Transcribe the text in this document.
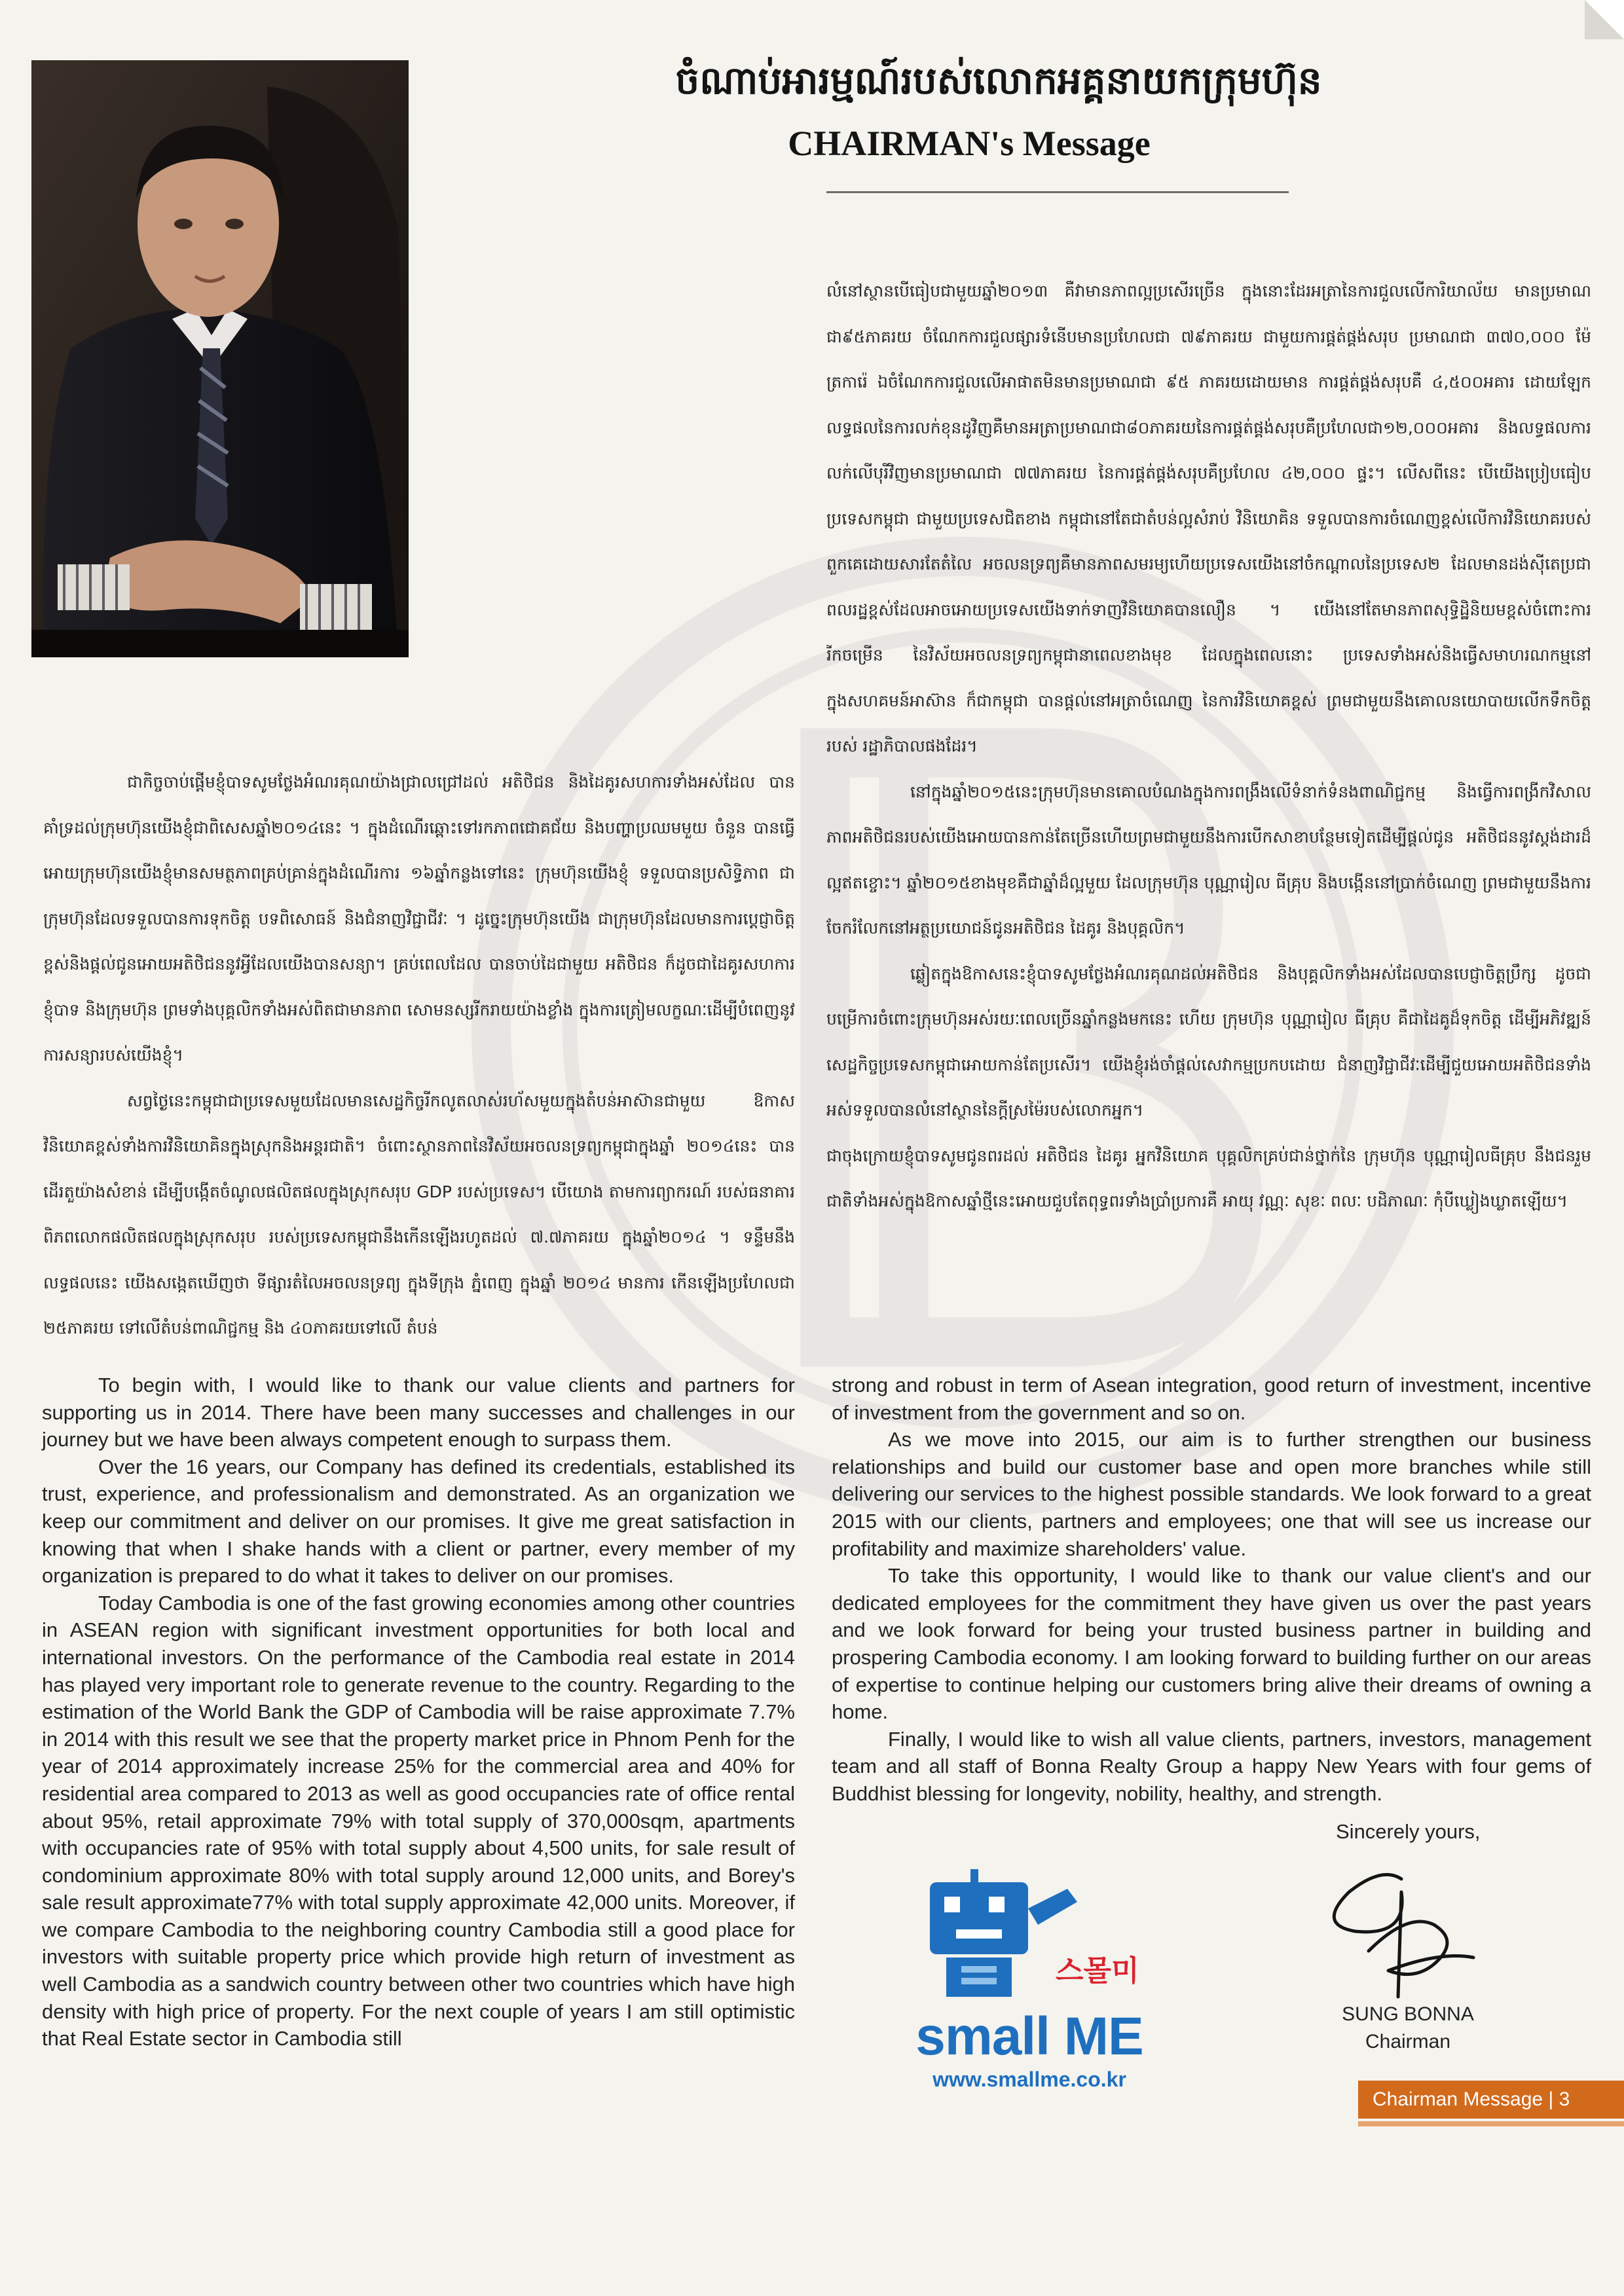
ចំណាប់អារម្មណ៍របស់លោកអគ្គនាយកក្រុមហ៊ុន
CHAIRMAN's Message

លំនៅស្ថានបើធៀបជាមួយឆ្នាំ២០១៣ គឺវាមានភាពល្អប្រសើរច្រើន ក្នុងនោះដែរអត្រានៃការជួលលើការិយាល័យ មានប្រមាណជា៩៥ភាគរយ ចំណែកការជួលផ្សារទំនើបមានប្រហែលជា ៧៩ភាគរយ ជាមួយការផ្គត់ផ្គង់សរុប ប្រមាណជា ៣៧០,០០០ ម៉ែត្រការ៉េ ឯចំណែកការជួលលើអាផាតមិនមានប្រមាណជា ៩៥ ភាគរយដោយមាន ការផ្គត់ផ្គង់សរុបគឺ ៤,៥០០អគារ ដោយឡែកលទ្ធផលនៃការលក់ខុនដូវិញគឺមានអត្រាប្រមាណជា៨០ភាគរយនៃការផ្គត់ផ្គង់សរុបគឺប្រហែលជា១២,០០០អគារ និងលទ្ធផលការលក់លើបុរីវិញមានប្រមាណជា ៧៧ភាគរយ នៃការផ្គត់ផ្គង់សរុបគឺប្រហែល ៤២,០០០ ផ្ទះ។ លើសពីនេះ បើយើងប្រៀបធៀបប្រទេសកម្ពុជា ជាមួយប្រទេសជិតខាង កម្ពុជានៅតែជាតំបន់ល្អសំរាប់ វិនិយោគិន ទទួលបានការចំណេញខ្ពស់លើការវិនិយោគរបស់ពួកគេដោយសារតែតំលៃ អចលនទ្រព្យគឺមានភាពសមរម្យហើយប្រទេសយើងនៅចំកណ្តាលនៃប្រទេស២ ដែលមានដង់ស៊ីតេប្រជាពលរដ្ឋខ្ពស់ដែលអាចអោយប្រទេសយើងទាក់ទាញវិនិយោគបានលឿន ។ យើងនៅតែមានភាពសុទ្ធិដ្ឋិនិយមខ្ពស់ចំពោះការរីកចម្រើន នៃវិស័យអចលនទ្រព្យកម្ពុជានាពេលខាងមុខ ដែលក្នុងពេលនោះ ប្រទេសទាំងអស់និងធ្វើសមាហរណកម្មនៅក្នុងសហគមន៍អាស៊ាន ក៏ជាកម្ពុជា បានផ្តល់នៅអត្រាចំណេញ នៃការវិនិយោគខ្ពស់ ព្រមជាមួយនឹងគោលនយោបាយលើកទឹកចិត្តរបស់ រដ្ឋាភិបាលផងដែរ។

នៅក្នុងឆ្នាំ២០១៥នេះក្រុមហ៊ុនមានគោលបំណងក្នុងការពង្រឹងលើទំនាក់ទំនងពាណិជ្ជកម្ម និងធ្វើការពង្រីកវិសាលភាពអតិថិជនរបស់យើងអោយបានកាន់តែច្រើនហើយព្រមជាមួយនឹងការបើកសាខាបន្ថែមទៀតដើម្បីផ្តល់ជូន អតិថិជននូវស្តង់ដារដ៏ល្អឥតខ្ចោះ។ ឆ្នាំ២០១៥ខាងមុខគឺជាឆ្នាំដ៏ល្អមួយ ដែលក្រុមហ៊ុន បុណ្ណារៀល ធីគ្រុប និងបង្កើននៅប្រាក់ចំណេញ ព្រមជាមួយនឹងការចែករំលែកនៅអត្ថប្រយោជន៍ជូនអតិថិជន ដៃគូរ និងបុគ្គលិក។

ឆ្លៀតក្នុងឱកាសនេះខ្ញុំបាទសូមថ្លែងអំណរគុណដល់អតិថិជន និងបុគ្គលិកទាំងអស់ដែលបានបេជ្ញាចិត្តប្រឹក្ស ដូចជាបម្រើការចំពោះក្រុមហ៊ុនអស់រយៈពេលច្រើនឆ្នាំកន្លងមកនេះ ហើយ ក្រុមហ៊ុន បុណ្ណារៀល ធីគ្រុប គឺជាដៃគូដ៏ទុកចិត្ត ដើម្បីអភិវឌ្ឍន៍សេដ្ឋកិច្ចប្រទេសកម្ពុជាអោយកាន់តែប្រសើរ។ យើងខ្ញុំរង់ចាំផ្តល់សេវាកម្មប្រកបដោយ ជំនាញវិជ្ជាជីវៈដើម្បីជួយអោយអតិថិជនទាំងអស់ទទួលបានលំនៅស្ថាននៃក្តីស្រម៉ៃរបស់លោកអ្នក។

ជាចុងក្រោយខ្ញុំបាទសូមជូនពរដល់ អតិថិជន ដៃគូរ អ្នកវិនិយោគ បុគ្គលិកគ្រប់ជាន់ថ្នាក់នៃ ក្រុមហ៊ុន បុណ្ណារៀលធីគ្រុប នឹងជនរួមជាតិទាំងអស់ក្នុងឱកាសឆ្នាំថ្មីនេះអោយជួបតែពុទ្ធពរទាំងប្រាំប្រការគឺ អាយុ វណ្ណៈ សុខៈ ពលៈ បដិភាណៈ កុំបីឃ្លៀងឃ្លាតឡើយ។

ជាកិច្ចចាប់ផ្តើមខ្ញុំបាទសូមថ្លែងអំណរគុណយ៉ាងជ្រាលជ្រៅដល់ អតិថិជន និងដៃគូរសហការទាំងអស់ដែល បានគាំទ្រដល់ក្រុមហ៊ុនយើងខ្ញុំជាពិសេសឆ្នាំ២០១៤នេះ ។ ក្នុងដំណើរឆ្ពោះទៅរកភាពជោគជ័យ និងបញ្ហាប្រឈមមួយ ចំនួន បានធ្វើអោយក្រុមហ៊ុនយើងខ្ញុំមានសមត្ថភាពគ្រប់គ្រាន់ក្នុងដំណើរការ ១៦ឆ្នាំកន្លងទៅនេះ ក្រុមហ៊ុនយើងខ្ញុំ ទទួលបានប្រសិទ្ធិភាព ជាក្រុមហ៊ុនដែលទទួលបានការទុកចិត្ត បទពិសោធន៍ និងជំនាញវិជ្ជាជីវៈ ។ ដូច្នេះក្រុមហ៊ុនយើង ជាក្រុមហ៊ុនដែលមានការប្តេជ្ញាចិត្តខ្ពស់និងផ្តល់ជូនអោយអតិថិជននូវអ្វីដែលយើងបានសន្យា។ គ្រប់ពេលដែល បានចាប់ដៃជាមួយ អតិថិជន ក៏ដូចជាដៃគូរសហការ ខ្ញុំបាទ និងក្រុមហ៊ុន ព្រមទាំងបុគ្គលិកទាំងអស់ពិតជាមានភាព សោមនស្សរីករាយយ៉ាងខ្លាំង ក្នុងការត្រៀមលក្ខណៈដើម្បីបំពេញនូវការសន្យារបស់យើងខ្ញុំ។

សព្វថ្ងៃនេះកម្ពុជាជាប្រទេសមួយដែលមានសេដ្ឋកិច្ចរីកលូតលាស់រហ័សមួយក្នុងតំបន់អាស៊ានជាមួយ ឱកាសវិនិយោគខ្ពស់ទាំងការវិនិយោគិនក្នុងស្រុកនិងអន្តរជាតិ។ ចំពោះស្ថានភាពនៃវិស័យអចលនទ្រព្យកម្ពុជាក្នុងឆ្នាំ ២០១៤នេះ បានដើរតួយ៉ាងសំខាន់ ដើម្បីបង្កើតចំណូលផលិតផលក្នុងស្រុកសរុប GDP របស់ប្រទេស។ បើយោង តាមការព្យាករណ៍ របស់ធនាគារពិភពលោកផលិតផលក្នុងស្រុកសរុប របស់ប្រទេសកម្ពុជានឹងកើនឡើងរហូតដល់ ៧.៧ភាគរយ ក្នុងឆ្នាំ២០១៤ ។ ទន្ទឹមនឹងលទ្ធផលនេះ យើងសង្កេតឃើញថា ទីផ្សារតំលៃអចលនទ្រព្យ ក្នុងទីក្រុង ភ្នំពេញ ក្នុងឆ្នាំ ២០១៤ មានការ កើនឡើងប្រហែលជា ២៥ភាគរយ ទៅលើតំបន់ពាណិជ្ជកម្ម និង ៤០ភាគរយទៅលើ តំបន់

To begin with, I would like to thank our value clients and partners for supporting us in 2014. There have been many successes and challenges in our journey but we have been always competent enough to surpass them.

Over the 16 years, our Company has defined its credentials, established its trust, experience, and professionalism and demonstrated. As an organization we keep our commitment and deliver on our promises. It give me great satisfaction in knowing that when I shake hands with a client or partner, every member of my organization is prepared to do what it takes to deliver on our promises.

Today Cambodia is one of the fast growing economies among other countries in ASEAN region with significant investment opportunities for both local and international investors. On the performance of the Cambodia real estate in 2014 has played very important role to generate revenue to the country. Regarding to the estimation of the World Bank the GDP of Cambodia will be raise approximate 7.7% in 2014 with this result we see that the property market price in Phnom Penh for the year of 2014 approximately increase 25% for the commercial area and 40% for residential area compared to 2013 as well as good occupancies rate of office rental about 95%, retail approximate 79% with total supply of 370,000sqm, apartments with occupancies rate of 95% with total supply about 4,500 units, for sale result of condominium approximate 80% with total supply around 12,000 units, and Borey's sale result approximate77% with total supply approximate 42,000 units. Moreover, if we compare Cambodia to the neighboring country Cambodia still a good place for investors with suitable property price which provide high return of investment as well Cambodia as a sandwich country between other two countries which have high density with high price of property. For the next couple of years I am still optimistic that Real Estate sector in Cambodia still

strong and robust in term of Asean integration, good return of investment, incentive of investment from the government and so on.

As we move into 2015, our aim is to further strengthen our business relationships and build our customer base and open more branches while still delivering our services to the highest possible standards. We look forward to a great 2015 with our clients, partners and employees; one that will see us increase our profitability and maximize shareholders' value.

To take this opportunity, I would like to thank our value client's and our dedicated employees for the commitment they have given us over the past years and we look forward for being your trusted business partner in building and prospering Cambodia economy. I am looking forward to building further on our areas of expertise to continue helping our customers bring alive their dreams of owning a home.

Finally, I would like to wish all value clients, partners, investors, management team and all staff of Bonna Realty Group a happy New Years with four gems of Buddhist blessing for longevity, nobility, healthy, and strength.

스몰미
small ME
www.smallme.co.kr
Sincerely yours,
SUNG BONNA
Chairman
Chairman Message | 3
